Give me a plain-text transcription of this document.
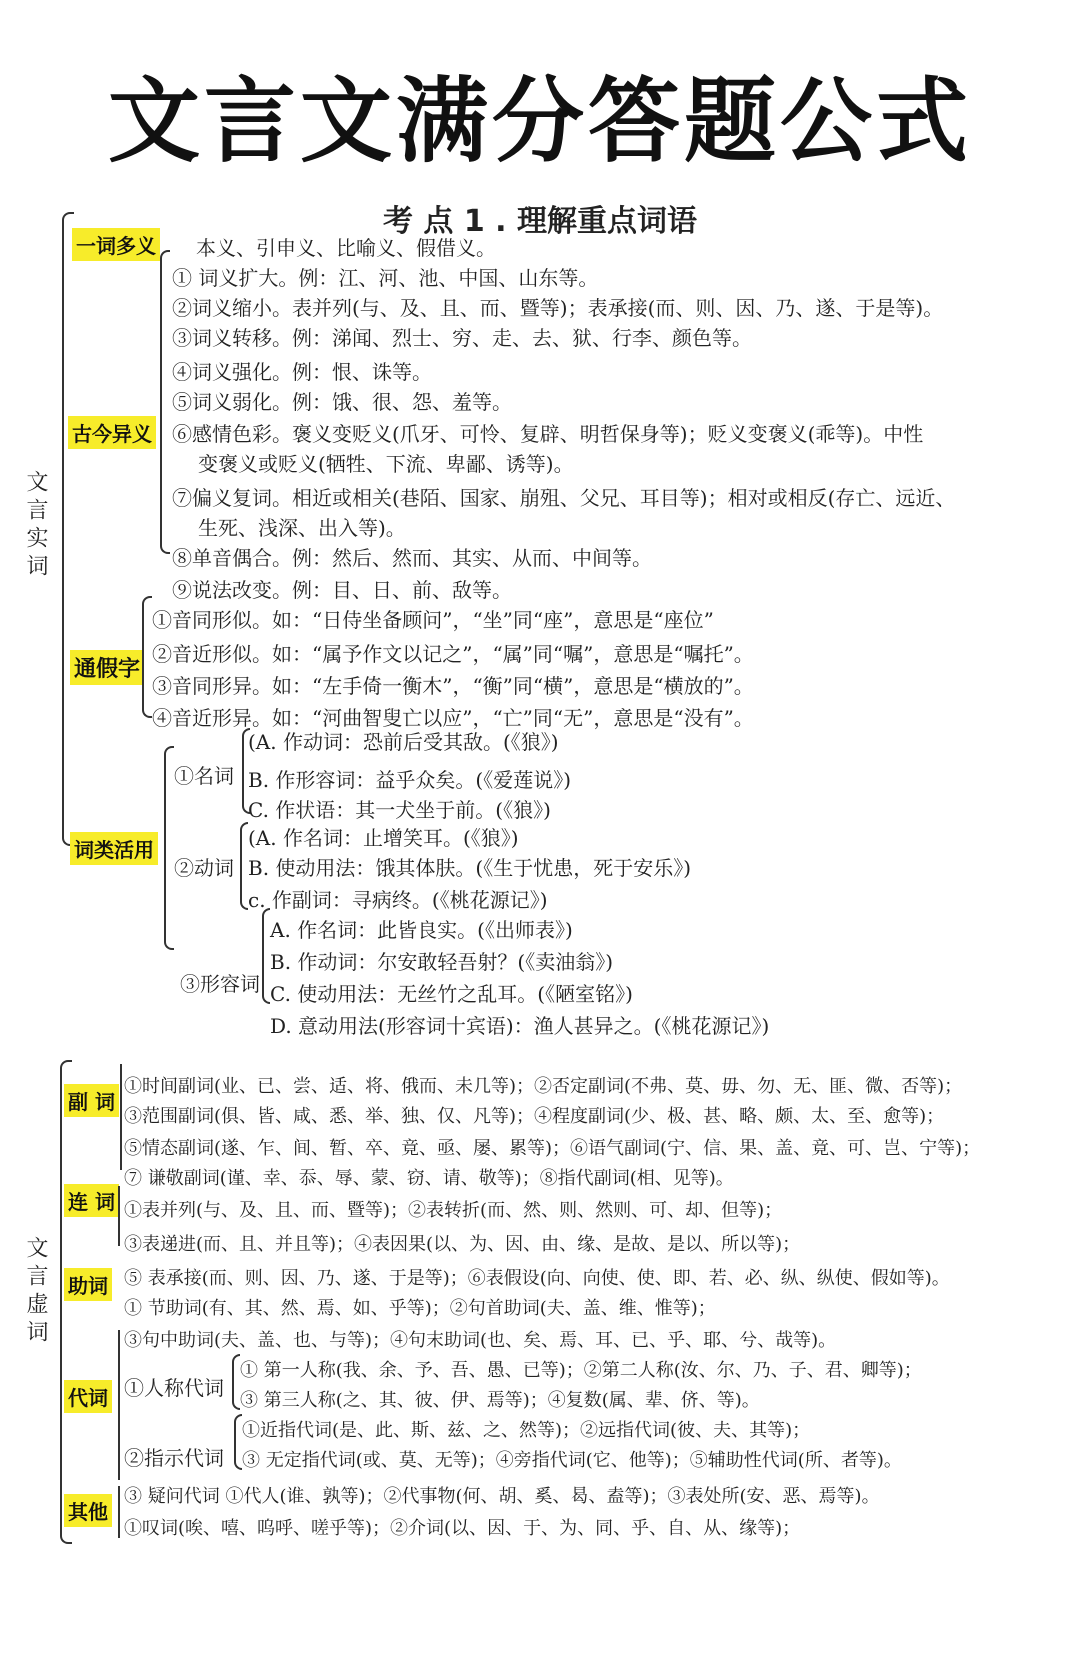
文言文满分答题公式
考 点 1 . 理解重点词语
文言实词
一词多义 本义、引申义、比喻义、假借义。
古今异义
① 词义扩大。例：江、河、池、中国、山东等。
②词义缩小。表并列(与、及、且、而、暨等)；表承接(而、则、因、乃、遂、于是等)。
③词义转移。例：涕闻、烈士、穷、走、去、狱、行李、颜色等。
④词义强化。例：恨、诛等。
⑤词义弱化。例：饿、很、怨、羞等。
⑥感情色彩。褒义变贬义(爪牙、可怜、复辟、明哲保身等)；贬义变褒义(乖等)。中性
变褒义或贬义(牺牲、下流、卑鄙、诱等)。
⑦偏义复词。相近或相关(巷陌、国家、崩殂、父兄、耳目等)；相对或相反(存亡、远近、
生死、浅深、出入等)。
⑧单音偶合。例：然后、然而、其实、从而、中间等。
⑨说法改变。例：目、日、前、敌等。
通假字
①音同形似。如：“日侍坐备顾问”，“坐”同“座”，意思是“座位”
②音近形似。如：“属予作文以记之”，“属”同“嘱”，意思是“嘱托”。
③音同形异。如：“左手倚一衡木”，“衡”同“横”，意思是“横放的”。
④音近形异。如：“河曲智叟亡以应”，“亡”同“无”，意思是“没有”。
词类活用
①名词
(A. 作动词：恐前后受其敌。(《狼》)
B. 作形容词：益乎众矣。(《爱莲说》)
C. 作状语：其一犬坐于前。(《狼》)
②动词
(A. 作名词：止增笑耳。(《狼》)
B. 使动用法：饿其体肤。(《生于忧患，死于安乐》)
c. 作副词：寻病终。(《桃花源记》)
③形容词
A. 作名词：此皆良实。(《出师表》)
B. 作动词：尔安敢轻吾射？(《卖油翁》)
C. 使动用法：无丝竹之乱耳。(《陋室铭》)
D. 意动用法(形容词十宾语)：渔人甚异之。(《桃花源记》)
文言虚词
副 词
①时间副词(业、已、尝、适、将、俄而、未几等)；②否定副词(不弗、莫、毋、勿、无、匪、微、否等)；
③范围副词(俱、皆、咸、悉、举、独、仅、凡等)；④程度副词(少、极、甚、略、颇、太、至、愈等)；
⑤情态副词(遂、乍、间、暂、卒、竟、亟、屡、累等)；⑥语气副词(宁、信、果、盖、竟、可、岂、宁等)；
⑦ 谦敬副词(谨、幸、忝、辱、蒙、窃、请、敬等)；⑧指代副词(相、见等)。
连 词 ①表并列(与、及、且、而、暨等)；②表转折(而、然、则、然则、可、却、但等)；
③表递进(而、且、并且等)；④表因果(以、为、因、由、缘、是故、是以、所以等)；
助词 ⑤ 表承接(而、则、因、乃、遂、于是等)；⑥表假设(向、向使、使、即、若、必、纵、纵使、假如等)。
① 节助词(有、其、然、焉、如、乎等)；②句首助词(夫、盖、维、惟等)；
③句中助词(夫、盖、也、与等)；④句末助词(也、矣、焉、耳、已、乎、耶、兮、哉等)。
代词 ①人称代词
① 第一人称(我、余、予、吾、愚、已等)；②第二人称(汝、尔、乃、子、君、卿等)；
③ 第三人称(之、其、彼、伊、焉等)；④复数(属、辈、侪、等)。
②指示代词
①近指代词(是、此、斯、兹、之、然等)；②远指代词(彼、夫、其等)；
③ 无定指代词(或、莫、无等)；④旁指代词(它、他等)；⑤辅助性代词(所、者等)。
③ 疑问代词 ①代人(谁、孰等)；②代事物(何、胡、奚、曷、盍等)；③表处所(安、恶、焉等)。
其他
①叹词(唉、嘻、呜呼、嗟乎等)；②介词(以、因、于、为、同、乎、自、从、缘等)；
